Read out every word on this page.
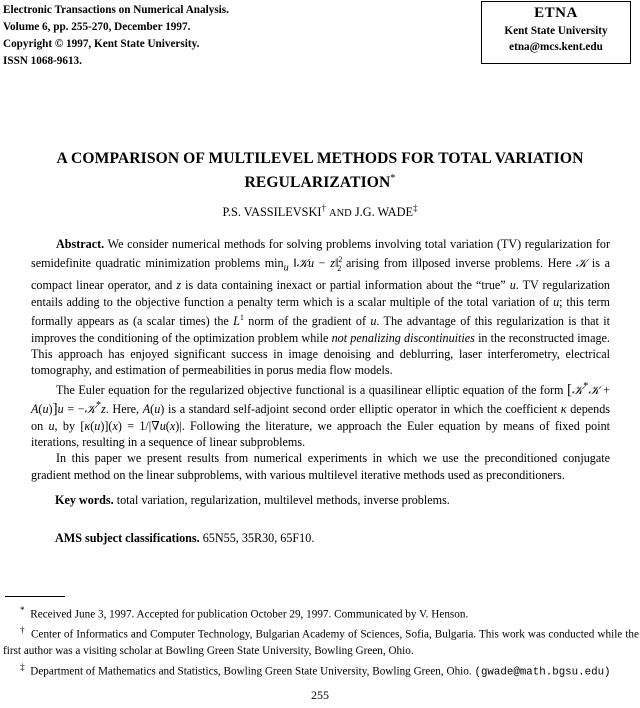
Electronic Transactions on Numerical Analysis.
Volume 6, pp. 255-270, December 1997.
Copyright © 1997, Kent State University.
ISSN 1068-9613.
ETNA
Kent State University
etna@mcs.kent.edu
A COMPARISON OF MULTILEVEL METHODS FOR TOTAL VARIATION
REGULARIZATION*
P.S. VASSILEVSKI† AND J.G. WADE‡

Abstract. We consider numerical methods for solving problems involving total variation (TV) regularization for semidefinite quadratic minimization problems $\min_u$ ‖𝒦u − z‖$^2_2$ arising from illposed inverse problems. Here 𝒦 is a compact linear operator, and z is data containing inexact or partial information about the “true” u. TV regularization entails adding to the objective function a penalty term which is a scalar multiple of the total variation of u; this term formally appears as (a scalar times) the $L^1$ norm of the gradient of u. The advantage of this regularization is that it improves the conditioning of the optimization problem while not penalizing discontinuities in the reconstructed image. This approach has enjoyed significant success in image denoising and deblurring, laser interferometry, electrical tomography, and estimation of permeabilities in porus media flow models.

The Euler equation for the regularized objective functional is a quasilinear elliptic equation of the form [𝒦*𝒦 + A(u)]u = −𝒦*z. Here, A(u) is a standard self-adjoint second order elliptic operator in which the coefficient κ depends on u, by [κ(u)](x) = 1/|∇u(x)|. Following the literature, we approach the Euler equation by means of fixed point iterations, resulting in a sequence of linear subproblems.

In this paper we present results from numerical experiments in which we use the preconditioned conjugate gradient method on the linear subproblems, with various multilevel iterative methods used as preconditioners.

Key words. total variation, regularization, multilevel methods, inverse problems.
AMS subject classifications. 65N55, 35R30, 65F10.

* Received June 3, 1997. Accepted for publication October 29, 1997. Communicated by V. Henson.

† Center of Informatics and Computer Technology, Bulgarian Academy of Sciences, Sofia, Bulgaria. This work was conducted while the first author was a visiting scholar at Bowling Green State University, Bowling Green, Ohio.

‡ Department of Mathematics and Statistics, Bowling Green State University, Bowling Green, Ohio. (gwade@math.bgsu.edu)

255
